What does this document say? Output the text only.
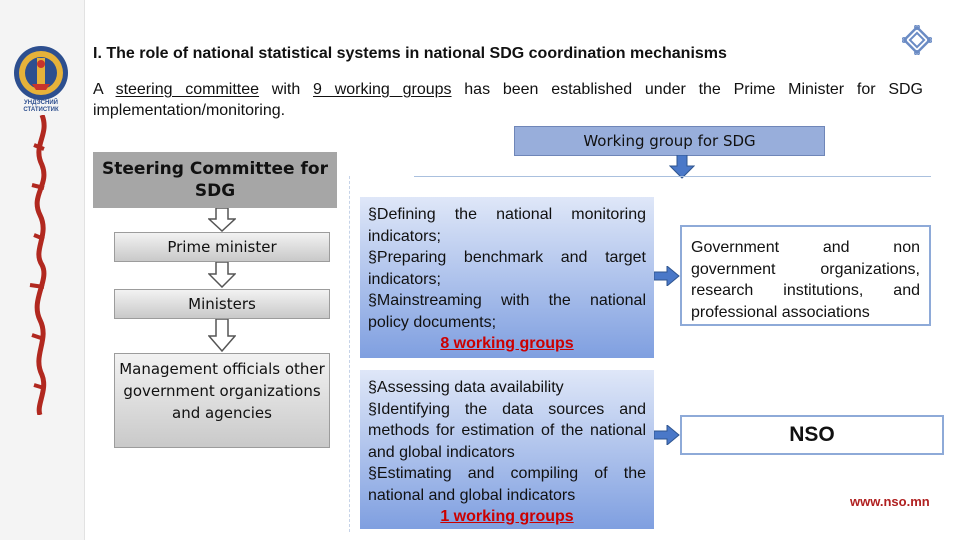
УНДЭСНИЙ СТАТИСТИК
I. The role of national statistical systems in national SDG coordination mechanisms
A steering committee with 9 working groups has been established under the Prime Minister for SDG implementation/monitoring.
Working group for SDG
Steering Committee for SDG
Prime minister
Ministers
Management officials other government organizations and agencies
§Defining the national monitoring indicators;
§Preparing benchmark and target indicators;
§Mainstreaming with the national policy documents;
8 working groups
§Assessing data availability
§Identifying the data sources and methods for estimation of the national and global indicators
§Estimating and compiling of the national and global indicators
1 working groups
Government and non government organizations, research institutions, and professional associations
NSO
www.nso.mn
